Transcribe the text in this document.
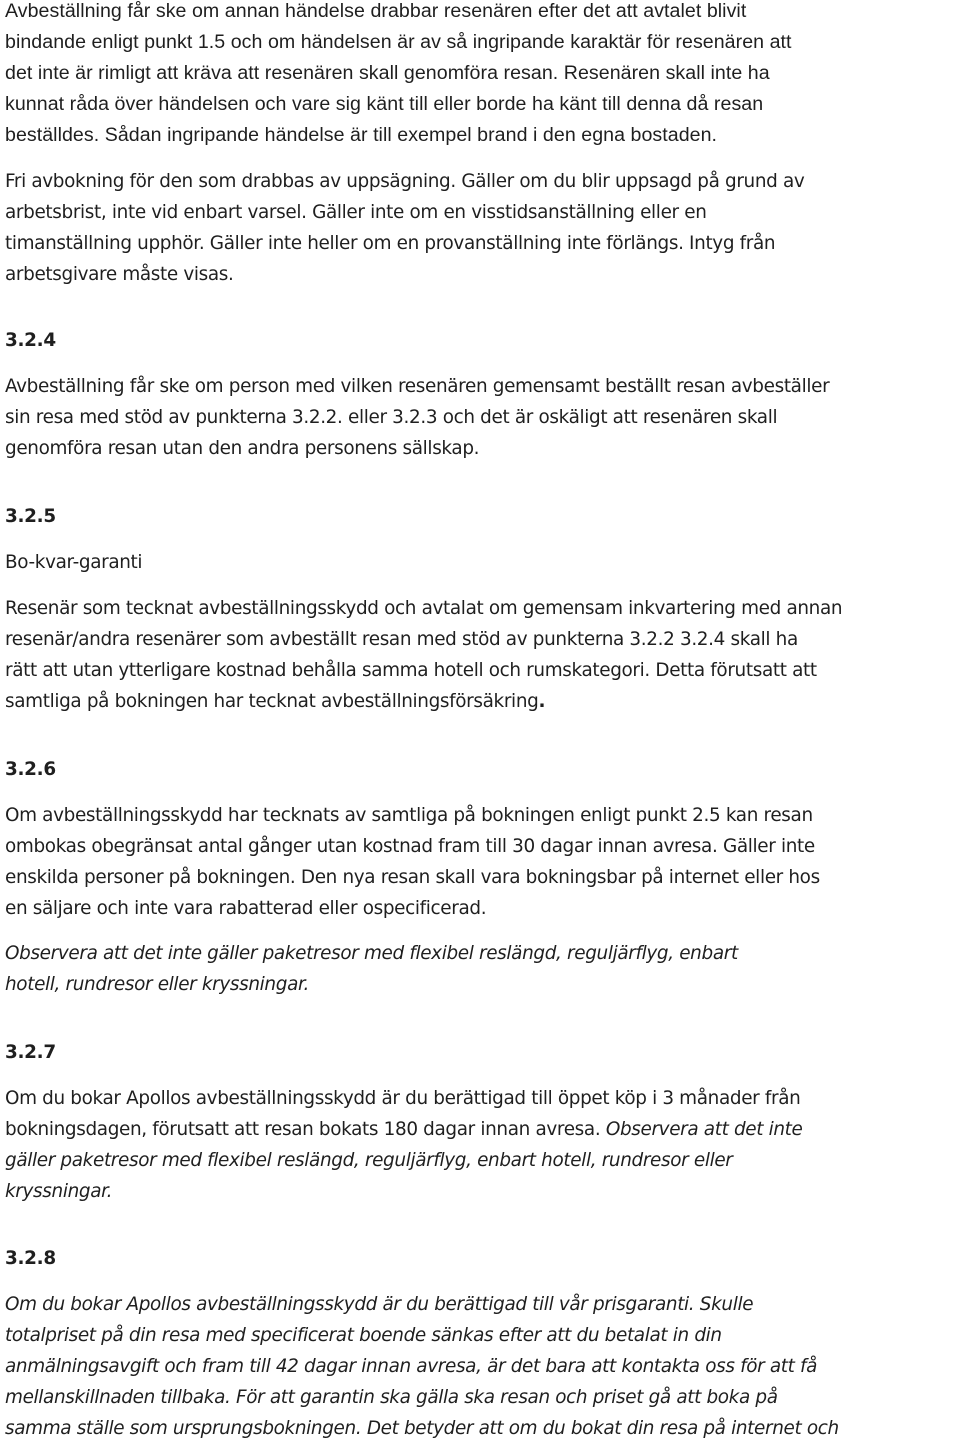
Avbeställning får ske om annan händelse drabbar resenären efter det att avtalet blivit
bindande enligt punkt 1.5 och om händelsen är av så ingripande karaktär för resenären att
det inte är rimligt att kräva att resenären skall genomföra resan. Resenären skall inte ha
kunnat råda över händelsen och vare sig känt till eller borde ha känt till denna då resan
beställdes. Sådan ingripande händelse är till exempel brand i den egna bostaden.
Fri avbokning för den som drabbas av uppsägning. Gäller om du blir uppsagd på grund av
arbetsbrist, inte vid enbart varsel. Gäller inte om en visstidsanställning eller en
timanställning upphör. Gäller inte heller om en provanställning inte förlängs. Intyg från
arbetsgivare måste visas.
3.2.4
Avbeställning får ske om person med vilken resenären gemensamt beställt resan avbeställer
sin resa med stöd av punkterna 3.2.2. eller 3.2.3 och det är oskäligt att resenären skall
genomföra resan utan den andra personens sällskap.
3.2.5
Bo-kvar-garanti
Resenär som tecknat avbeställningsskydd och avtalat om gemensam inkvartering med annan
resenär/andra resenärer som avbeställt resan med stöd av punkterna 3.2.2 3.2.4 skall ha
rätt att utan ytterligare kostnad behålla samma hotell och rumskategori. Detta förutsatt att
samtliga på bokningen har tecknat avbeställningsförsäkring.
3.2.6
Om avbeställningsskydd har tecknats av samtliga på bokningen enligt punkt 2.5 kan resan
ombokas obegränsat antal gånger utan kostnad fram till 30 dagar innan avresa. Gäller inte
enskilda personer på bokningen. Den nya resan skall vara bokningsbar på internet eller hos
en säljare och inte vara rabatterad eller ospecificerad.
Observera att det inte gäller paketresor med flexibel reslängd, reguljärflyg, enbart
hotell, rundresor eller kryssningar.
3.2.7
Om du bokar Apollos avbeställningsskydd är du berättigad till öppet köp i 3 månader från
bokningsdagen, förutsatt att resan bokats 180 dagar innan avresa. Observera att det inte
gäller paketresor med flexibel reslängd, reguljärflyg, enbart hotell, rundresor eller
kryssningar.
3.2.8
Om du bokar Apollos avbeställningsskydd är du berättigad till vår prisgaranti. Skulle
totalpriset på din resa med specificerat boende sänkas efter att du betalat in din
anmälningsavgift och fram till 42 dagar innan avresa, är det bara att kontakta oss för att få
mellanskillnaden tillbaka. För att garantin ska gälla ska resan och priset gå att boka på
samma ställe som ursprungsbokningen. Det betyder att om du bokat din resa på internet och
